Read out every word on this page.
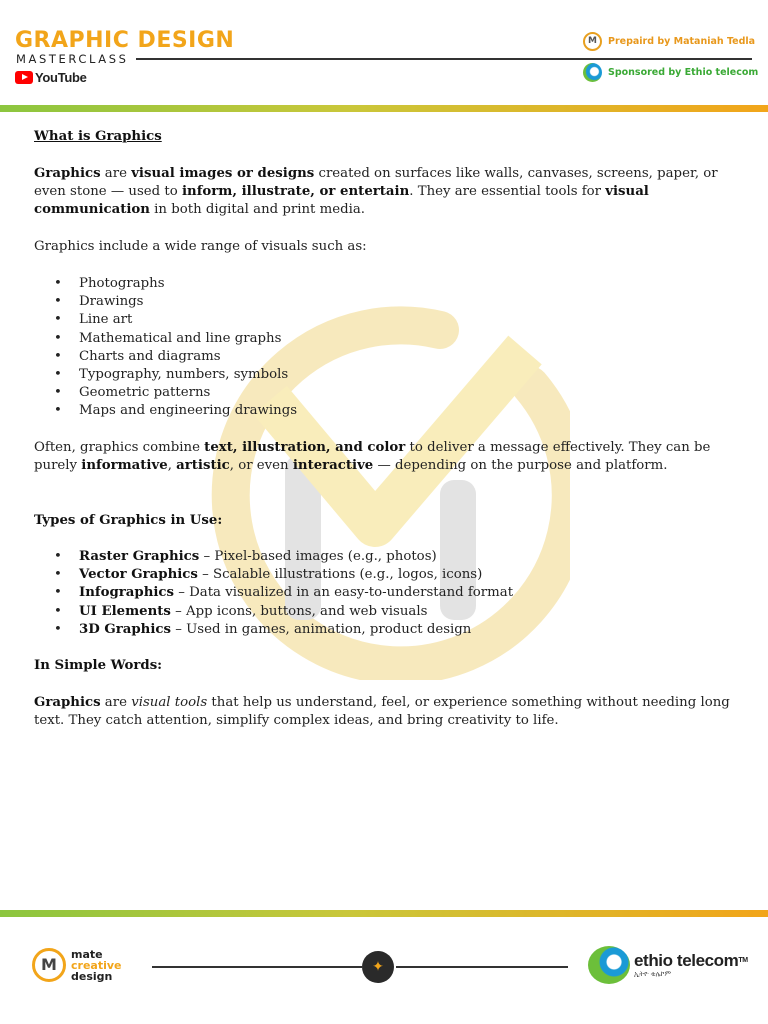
GRAPHIC DESIGN
MASTERCLASS
YouTube
M
Prepaird by Mataniah Tedla
Sponsored by Ethio telecom

What is Graphics

Graphics are visual images or designs created on surfaces like walls, canvases, screens, paper, or even stone — used to inform, illustrate, or entertain. They are essential tools for visual communication in both digital and print media.

Graphics include a wide range of visuals such as:

• Photographs
• Drawings
• Line art
• Mathematical and line graphs
• Charts and diagrams
• Typography, numbers, symbols
• Geometric patterns
• Maps and engineering drawings

Often, graphics combine text, illustration, and color to deliver a message effectively. They can be purely informative, artistic, or even interactive — depending on the purpose and platform.

Types of Graphics in Use:

• Raster Graphics – Pixel-based images (e.g., photos)
• Vector Graphics – Scalable illustrations (e.g., logos, icons)
• Infographics – Data visualized in an easy-to-understand format
• UI Elements – App icons, buttons, and web visuals
• 3D Graphics – Used in games, animation, product design

In Simple Words:

Graphics are visual tools that help us understand, feel, or experience something without needing long text. They catch attention, simplify complex ideas, and bring creativity to life.

M
mate
creative
design
✦	ethio telecom™
ኢትዮ ቴሌኮም
